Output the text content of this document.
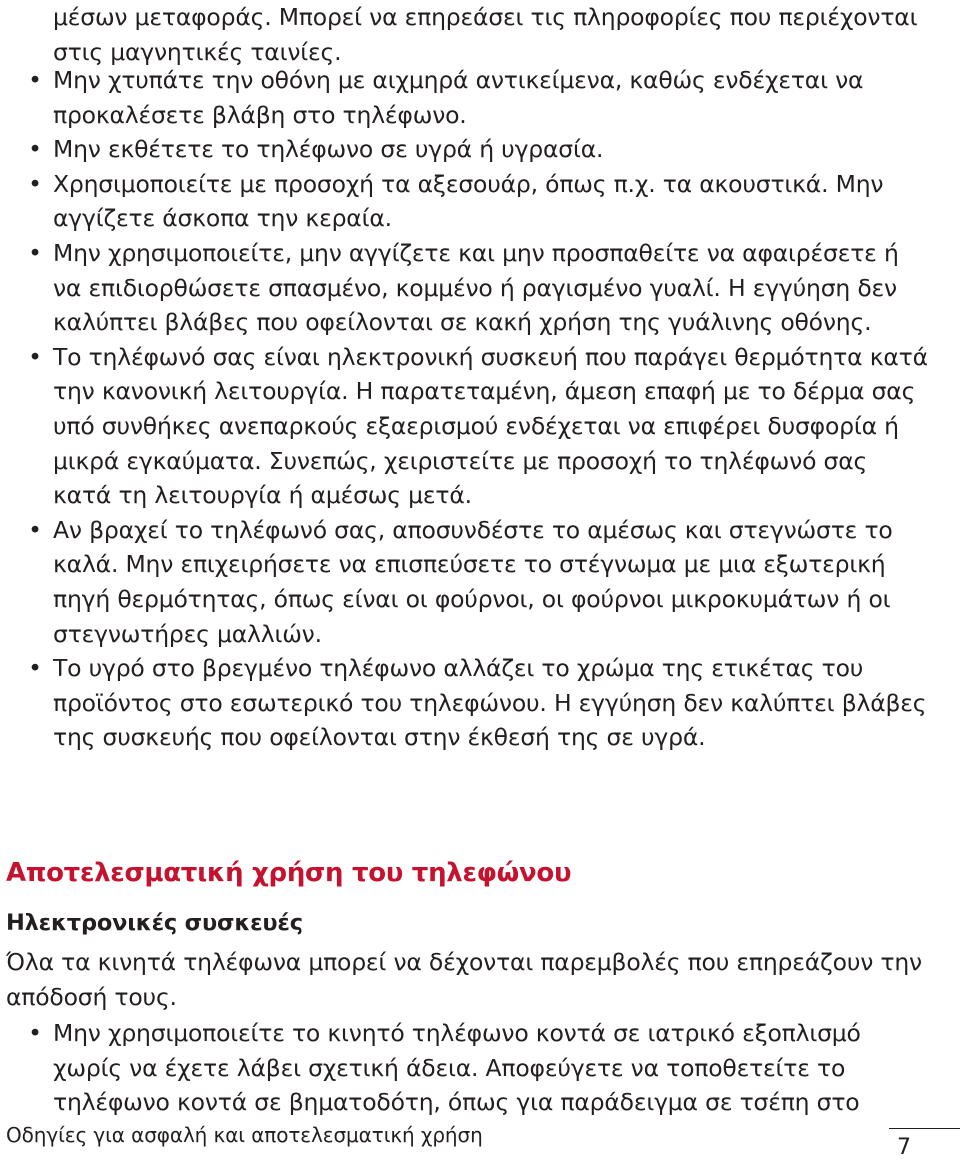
μέσων μεταφοράς. Μπορεί να επηρεάσει τις πληροφορίες που περιέχονται στις μαγνητικές ταινίες.
• Μην χτυπάτε την οθόνη με αιχμηρά αντικείμενα, καθώς ενδέχεται να προκαλέσετε βλάβη στο τηλέφωνο.
• Μην εκθέτετε το τηλέφωνο σε υγρά ή υγρασία.
• Χρησιμοποιείτε με προσοχή τα αξεσουάρ, όπως π.χ. τα ακουστικά. Μην αγγίζετε άσκοπα την κεραία.
• Μην χρησιμοποιείτε, μην αγγίζετε και μην προσπαθείτε να αφαιρέσετε ή να επιδιορθώσετε σπασμένο, κομμένο ή ραγισμένο γυαλί. Η εγγύηση δεν καλύπτει βλάβες που οφείλονται σε κακή χρήση της γυάλινης οθόνης.
• Το τηλέφωνό σας είναι ηλεκτρονική συσκευή που παράγει θερμότητα κατά την κανονική λειτουργία. Η παρατεταμένη, άμεση επαφή με το δέρμα σας υπό συνθήκες ανεπαρκούς εξαερισμού ενδέχεται να επιφέρει δυσφορία ή μικρά εγκαύματα. Συνεπώς, χειριστείτε με προσοχή το τηλέφωνό σας κατά τη λειτουργία ή αμέσως μετά.
• Αν βραχεί το τηλέφωνό σας, αποσυνδέστε το αμέσως και στεγνώστε το καλά. Μην επιχειρήσετε να επισπεύσετε το στέγνωμα με μια εξωτερική πηγή θερμότητας, όπως είναι οι φούρνοι, οι φούρνοι μικροκυμάτων ή οι στεγνωτήρες μαλλιών.
• Το υγρό στο βρεγμένο τηλέφωνο αλλάζει το χρώμα της ετικέτας του προϊόντος στο εσωτερικό του τηλεφώνου. Η εγγύηση δεν καλύπτει βλάβες της συσκευής που οφείλονται στην έκθεσή της σε υγρά.
Αποτελεσματική χρήση του τηλεφώνου
Ηλεκτρονικές συσκευές

Όλα τα κινητά τηλέφωνα μπορεί να δέχονται παρεμβολές που επηρεάζουν την απόδοσή τους.

• Μην χρησιμοποιείτε το κινητό τηλέφωνο κοντά σε ιατρικό εξοπλισμό χωρίς να έχετε λάβει σχετική άδεια. Αποφεύγετε να τοποθετείτε το τηλέφωνο κοντά σε βηματοδότη, όπως για παράδειγμα σε τσέπη στο
Οδηγίες για ασφαλή και αποτελεσματική χρήση	7
